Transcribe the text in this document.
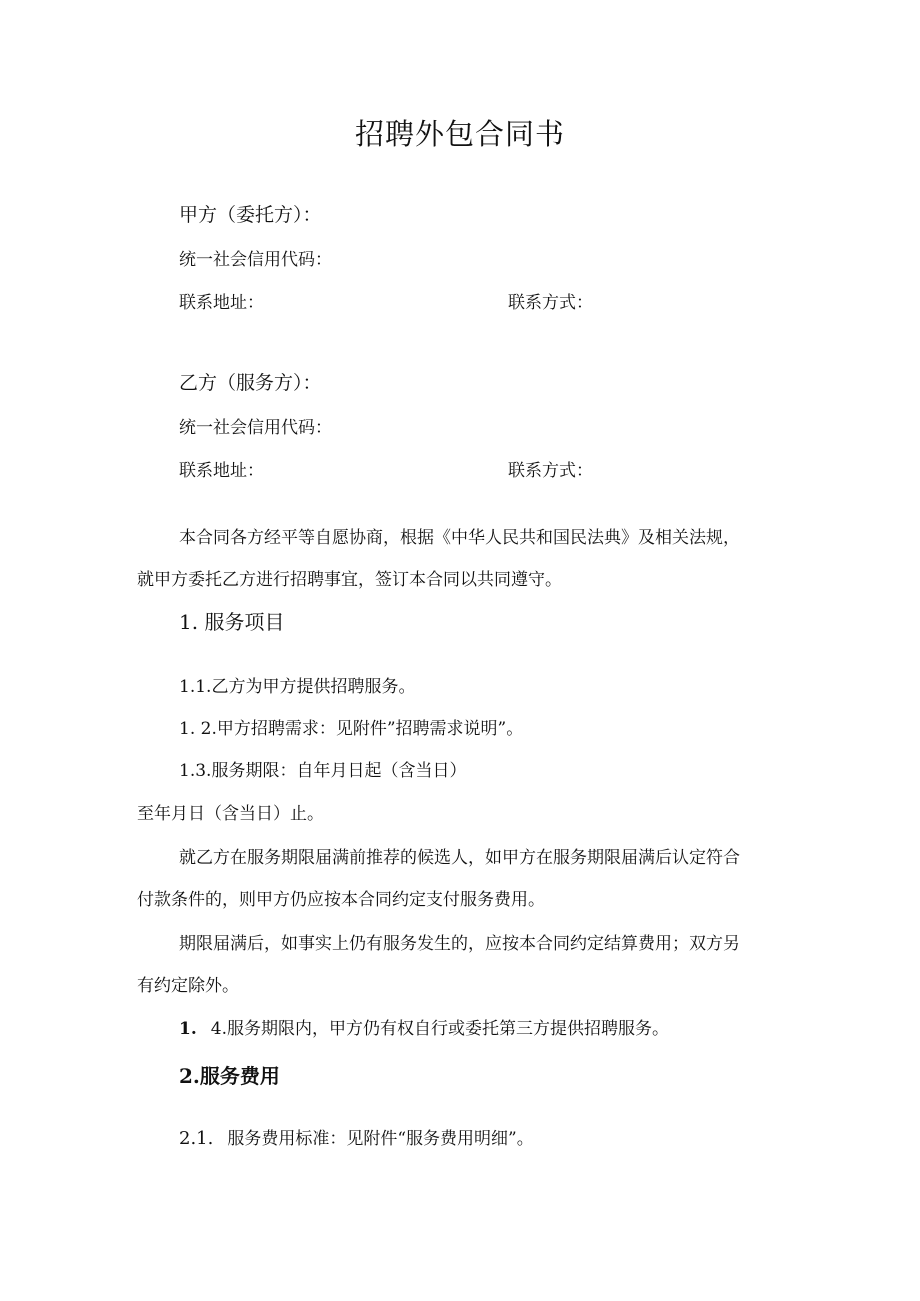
招聘外包合同书
甲方（委托方）：
统一社会信用代码：
联系地址：	联系方式：
乙方（服务方）：
统一社会信用代码：
联系地址：	联系方式：
本合同各方经平等自愿协商，根据《中华人民共和国民法典》及相关法规，
就甲方委托乙方进行招聘事宜，签订本合同以共同遵守。
1. 服务项目
1.1.乙方为甲方提供招聘服务。
1. 2.甲方招聘需求：见附件”招聘需求说明”。
1.3.服务期限：自年月日起（含当日）
至年月日（含当日）止。
就乙方在服务期限届满前推荐的候选人，如甲方在服务期限届满后认定符合
付款条件的，则甲方仍应按本合同约定支付服务费用。
期限届满后，如事实上仍有服务发生的，应按本合同约定结算费用；双方另
有约定除外。
1. 4.服务期限内，甲方仍有权自行或委托第三方提供招聘服务。
2.服务费用
2.1. 服务费用标准：见附件“服务费用明细”。
